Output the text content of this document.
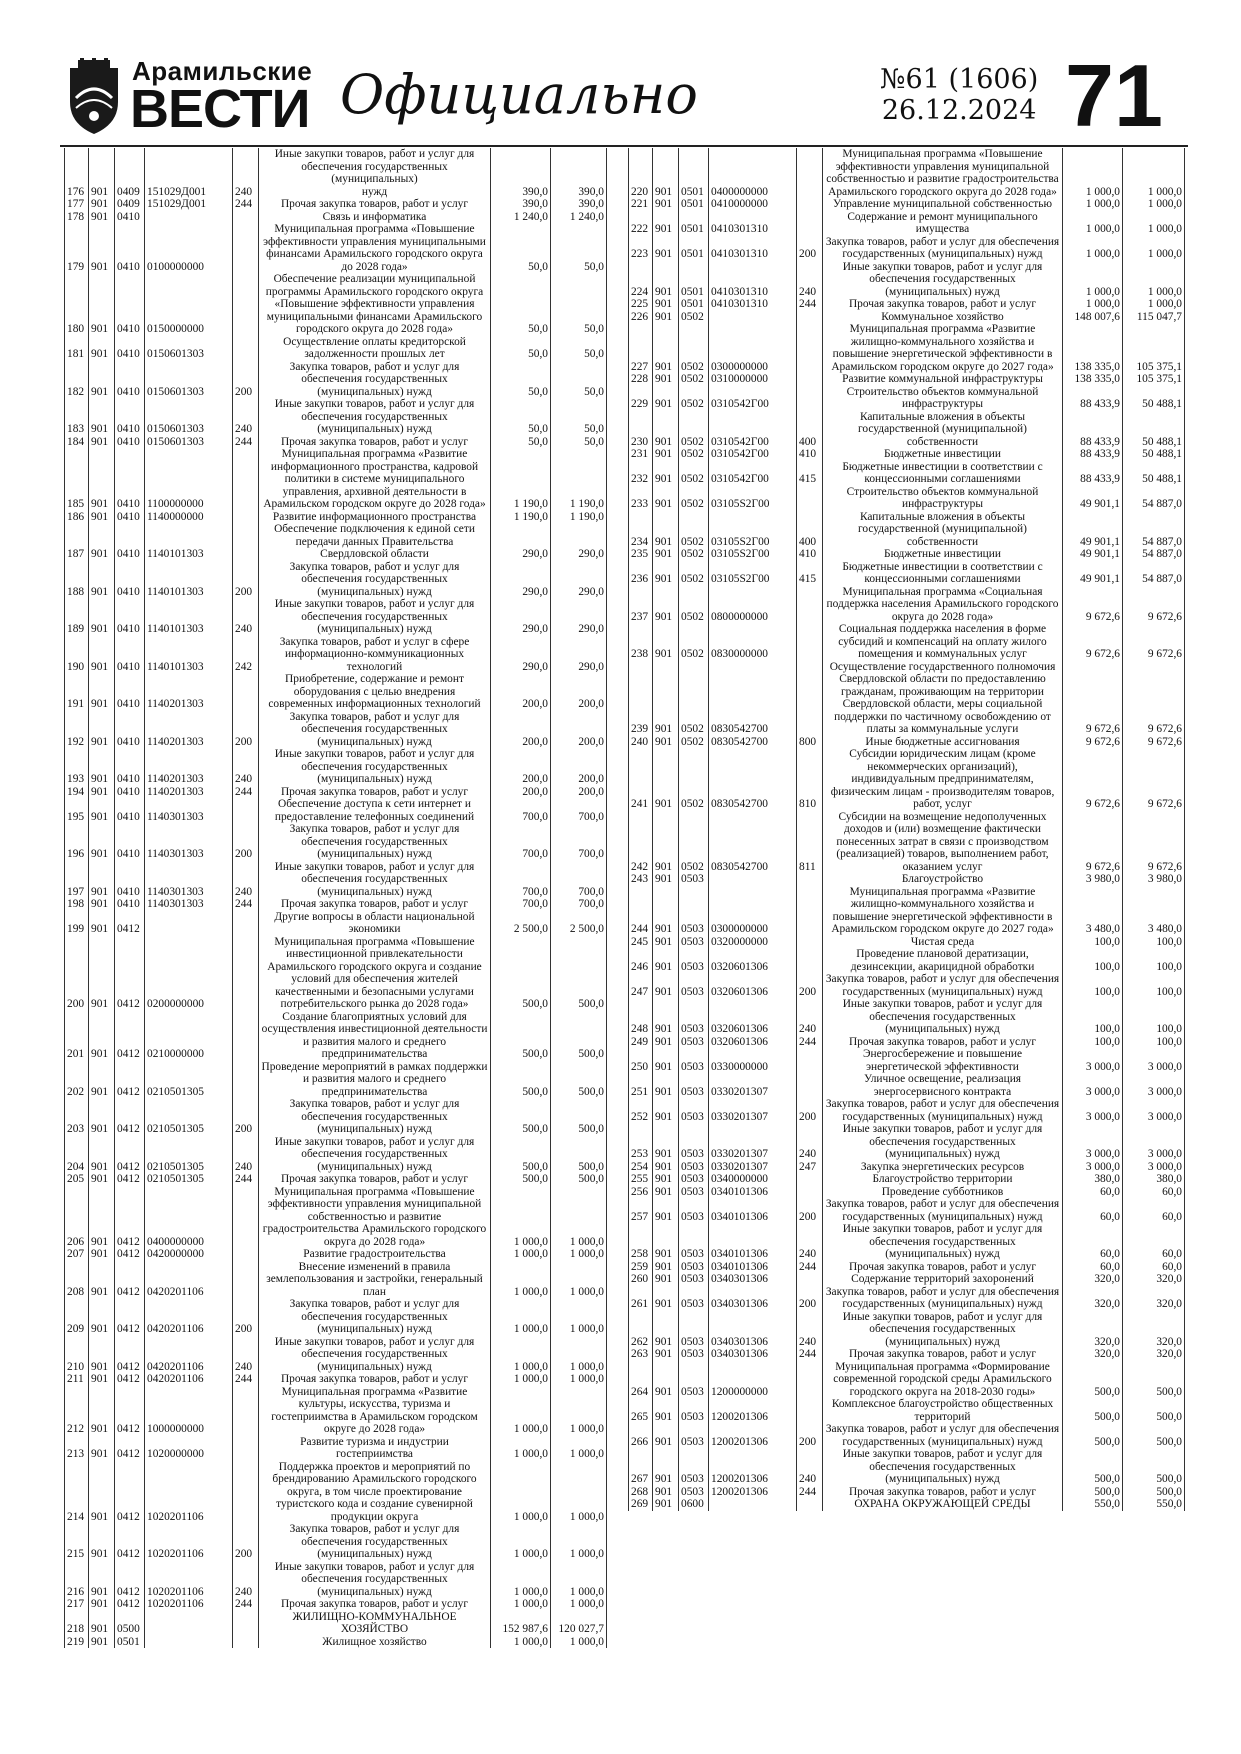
Арамильские
ВЕСТИ Официально	№61 (1606)
26.12.2024 71
					Иные закупки товаров, работ и услуг для обеспечения государственных (муниципальных)		
176	901	0409	151029Д001	240	нужд	390,0	390,0
177	901	0409	151029Д001	244	Прочая закупка товаров, работ и услуг	390,0	390,0
178	901	0410			Связь и информатика	1 240,0	1 240,0
179	901	0410	0100000000		Муниципальная программа «Повышение эффективности управления муниципальными финансами Арамильского городского округа до 2028 года»	50,0	50,0
180	901	0410	0150000000		Обеспечение реализации муниципальной программы Арамильского городского округа «Повышение эффективности управления муниципальными финансами Арамильского городского округа до 2028 года»	50,0	50,0
181	901	0410	0150601303		Осуществление оплаты кредиторской задолженности прошлых лет	50,0	50,0
182	901	0410	0150601303	200	Закупка товаров, работ и услуг для обеспечения государственных (муниципальных) нужд	50,0	50,0
183	901	0410	0150601303	240	Иные закупки товаров, работ и услуг для обеспечения государственных (муниципальных) нужд	50,0	50,0
184	901	0410	0150601303	244	Прочая закупка товаров, работ и услуг	50,0	50,0
185	901	0410	1100000000		Муниципальная программа «Развитие информационного пространства, кадровой политики в системе муниципального управления, архивной деятельности в Арамильском городском округе до 2028 года»	1 190,0	1 190,0
186	901	0410	1140000000		Развитие информационного пространства	1 190,0	1 190,0
187	901	0410	1140101303		Обеспечение подключения к единой сети передачи данных Правительства Свердловской области	290,0	290,0
188	901	0410	1140101303	200	Закупка товаров, работ и услуг для обеспечения государственных (муниципальных) нужд	290,0	290,0
189	901	0410	1140101303	240	Иные закупки товаров, работ и услуг для обеспечения государственных (муниципальных) нужд	290,0	290,0
190	901	0410	1140101303	242	Закупка товаров, работ и услуг в сфере информационно-коммуникационных технологий	290,0	290,0
191	901	0410	1140201303		Приобретение, содержание и ремонт оборудования с целью внедрения современных информационных технологий	200,0	200,0
192	901	0410	1140201303	200	Закупка товаров, работ и услуг для обеспечения государственных (муниципальных) нужд	200,0	200,0
193	901	0410	1140201303	240	Иные закупки товаров, работ и услуг для обеспечения государственных (муниципальных) нужд	200,0	200,0
194	901	0410	1140201303	244	Прочая закупка товаров, работ и услуг	200,0	200,0
195	901	0410	1140301303		Обеспечение доступа к сети интернет и предоставление телефонных соединений	700,0	700,0
196	901	0410	1140301303	200	Закупка товаров, работ и услуг для обеспечения государственных (муниципальных) нужд	700,0	700,0
197	901	0410	1140301303	240	Иные закупки товаров, работ и услуг для обеспечения государственных (муниципальных) нужд	700,0	700,0
198	901	0410	1140301303	244	Прочая закупка товаров, работ и услуг	700,0	700,0
199	901	0412			Другие вопросы в области национальной экономики	2 500,0	2 500,0
200	901	0412	0200000000		Муниципальная программа «Повышение инвестиционной привлекательности Арамильского городского округа и создание условий для обеспечения жителей качественными и безопасными услугами потребительского рынка до 2028 года»	500,0	500,0
201	901	0412	0210000000		Создание благоприятных условий для осуществления инвестиционной деятельности и развития малого и среднего предпринимательства	500,0	500,0
202	901	0412	0210501305		Проведение мероприятий в рамках поддержки и развития малого и среднего предпринимательства	500,0	500,0
203	901	0412	0210501305	200	Закупка товаров, работ и услуг для обеспечения государственных (муниципальных) нужд	500,0	500,0
204	901	0412	0210501305	240	Иные закупки товаров, работ и услуг для обеспечения государственных (муниципальных) нужд	500,0	500,0
205	901	0412	0210501305	244	Прочая закупка товаров, работ и услуг	500,0	500,0
206	901	0412	0400000000		Муниципальная программа «Повышение эффективности управления муниципальной собственностью и развитие градостроительства Арамильского городского округа до 2028 года»	1 000,0	1 000,0
207	901	0412	0420000000		Развитие градостроительства	1 000,0	1 000,0
208	901	0412	0420201106		Внесение изменений в правила землепользования и застройки, генеральный план	1 000,0	1 000,0
209	901	0412	0420201106	200	Закупка товаров, работ и услуг для обеспечения государственных (муниципальных) нужд	1 000,0	1 000,0
210	901	0412	0420201106	240	Иные закупки товаров, работ и услуг для обеспечения государственных (муниципальных) нужд	1 000,0	1 000,0
211	901	0412	0420201106	244	Прочая закупка товаров, работ и услуг	1 000,0	1 000,0
212	901	0412	1000000000		Муниципальная программа «Развитие культуры, искусства, туризма и гостеприимства в Арамильском городском округе до 2028 года»	1 000,0	1 000,0
213	901	0412	1020000000		Развитие туризма и индустрии гостеприимства	1 000,0	1 000,0
214	901	0412	1020201106		Поддержка проектов и мероприятий по брендированию Арамильского городского округа, в том числе проектирование туристского кода и создание сувенирной продукции округа	1 000,0	1 000,0
215	901	0412	1020201106	200	Закупка товаров, работ и услуг для обеспечения государственных (муниципальных) нужд	1 000,0	1 000,0
216	901	0412	1020201106	240	Иные закупки товаров, работ и услуг для обеспечения государственных (муниципальных) нужд	1 000,0	1 000,0
217	901	0412	1020201106	244	Прочая закупка товаров, работ и услуг	1 000,0	1 000,0
218	901	0500			ЖИЛИЩНО-КОММУНАЛЬНОЕ ХОЗЯЙСТВО	152 987,6	120 027,7
219	901	0501			Жилищное хозяйство	1 000,0	1 000,0
220	901	0501	0400000000		Муниципальная программа «Повышение эффективности управления муниципальной собственностью и развитие градостроительства Арамильского городского округа до 2028 года»	1 000,0	1 000,0
221	901	0501	0410000000		Управление муниципальной собственностью	1 000,0	1 000,0
222	901	0501	0410301310		Содержание и ремонт муниципального имущества	1 000,0	1 000,0
223	901	0501	0410301310	200	Закупка товаров, работ и услуг для обеспечения государственных (муниципальных) нужд	1 000,0	1 000,0
224	901	0501	0410301310	240	Иные закупки товаров, работ и услуг для обеспечения государственных (муниципальных) нужд	1 000,0	1 000,0
225	901	0501	0410301310	244	Прочая закупка товаров, работ и услуг	1 000,0	1 000,0
226	901	0502			Коммунальное хозяйство	148 007,6	115 047,7
227	901	0502	0300000000		Муниципальная программа «Развитие жилищно-коммунального хозяйства и повышение энергетической эффективности в Арамильском городском округе до 2027 года»	138 335,0	105 375,1
228	901	0502	0310000000		Развитие коммунальной инфраструктуры	138 335,0	105 375,1
229	901	0502	0310542Г00		Строительство объектов коммунальной инфраструктуры	88 433,9	50 488,1
230	901	0502	0310542Г00	400	Капитальные вложения в объекты государственной (муниципальной) собственности	88 433,9	50 488,1
231	901	0502	0310542Г00	410	Бюджетные инвестиции	88 433,9	50 488,1
232	901	0502	0310542Г00	415	Бюджетные инвестиции в соответствии с концессионными соглашениями	88 433,9	50 488,1
233	901	0502	03105S2Г00		Строительство объектов коммунальной инфраструктуры	49 901,1	54 887,0
234	901	0502	03105S2Г00	400	Капитальные вложения в объекты государственной (муниципальной) собственности	49 901,1	54 887,0
235	901	0502	03105S2Г00	410	Бюджетные инвестиции	49 901,1	54 887,0
236	901	0502	03105S2Г00	415	Бюджетные инвестиции в соответствии с концессионными соглашениями	49 901,1	54 887,0
237	901	0502	0800000000		Муниципальная программа «Социальная поддержка населения Арамильского городского округа до 2028 года»	9 672,6	9 672,6
238	901	0502	0830000000		Социальная поддержка населения в форме субсидий и компенсаций на оплату жилого помещения и коммунальных услуг	9 672,6	9 672,6
239	901	0502	0830542700		Осуществление государственного полномочия Свердловской области по предоставлению гражданам, проживающим на территории Свердловской области, меры социальной поддержки по частичному освобождению от платы за коммунальные услуги	9 672,6	9 672,6
240	901	0502	0830542700	800	Иные бюджетные ассигнования	9 672,6	9 672,6
241	901	0502	0830542700	810	Субсидии юридическим лицам (кроме некоммерческих организаций), индивидуальным предпринимателям, физическим лицам - производителям товаров, работ, услуг	9 672,6	9 672,6
242	901	0502	0830542700	811	Субсидии на возмещение недополученных доходов и (или) возмещение фактически понесенных затрат в связи с производством (реализацией) товаров, выполнением работ, оказанием услуг	9 672,6	9 672,6
243	901	0503			Благоустройство	3 980,0	3 980,0
244	901	0503	0300000000		Муниципальная программа «Развитие жилищно-коммунального хозяйства и повышение энергетической эффективности в Арамильском городском округе до 2027 года»	3 480,0	3 480,0
245	901	0503	0320000000		Чистая среда	100,0	100,0
246	901	0503	0320601306		Проведение плановой дератизации, дезинсекции, акарицидной обработки	100,0	100,0
247	901	0503	0320601306	200	Закупка товаров, работ и услуг для обеспечения государственных (муниципальных) нужд	100,0	100,0
248	901	0503	0320601306	240	Иные закупки товаров, работ и услуг для обеспечения государственных (муниципальных) нужд	100,0	100,0
249	901	0503	0320601306	244	Прочая закупка товаров, работ и услуг	100,0	100,0
250	901	0503	0330000000		Энергосбережение и повышение энергетической эффективности	3 000,0	3 000,0
251	901	0503	0330201307		Уличное освещение, реализация энергосервисного контракта	3 000,0	3 000,0
252	901	0503	0330201307	200	Закупка товаров, работ и услуг для обеспечения государственных (муниципальных) нужд	3 000,0	3 000,0
253	901	0503	0330201307	240	Иные закупки товаров, работ и услуг для обеспечения государственных (муниципальных) нужд	3 000,0	3 000,0
254	901	0503	0330201307	247	Закупка энергетических ресурсов	3 000,0	3 000,0
255	901	0503	0340000000		Благоустройство территории	380,0	380,0
256	901	0503	0340101306		Проведение субботников	60,0	60,0
257	901	0503	0340101306	200	Закупка товаров, работ и услуг для обеспечения государственных (муниципальных) нужд	60,0	60,0
258	901	0503	0340101306	240	Иные закупки товаров, работ и услуг для обеспечения государственных (муниципальных) нужд	60,0	60,0
259	901	0503	0340101306	244	Прочая закупка товаров, работ и услуг	60,0	60,0
260	901	0503	0340301306		Содержание территорий захоронений	320,0	320,0
261	901	0503	0340301306	200	Закупка товаров, работ и услуг для обеспечения государственных (муниципальных) нужд	320,0	320,0
262	901	0503	0340301306	240	Иные закупки товаров, работ и услуг для обеспечения государственных (муниципальных) нужд	320,0	320,0
263	901	0503	0340301306	244	Прочая закупка товаров, работ и услуг	320,0	320,0
264	901	0503	1200000000		Муниципальная программа «Формирование современной городской среды Арамильского городского округа на 2018-2030 годы»	500,0	500,0
265	901	0503	1200201306		Комплексное благоустройство общественных территорий	500,0	500,0
266	901	0503	1200201306	200	Закупка товаров, работ и услуг для обеспечения государственных (муниципальных) нужд	500,0	500,0
267	901	0503	1200201306	240	Иные закупки товаров, работ и услуг для обеспечения государственных (муниципальных) нужд	500,0	500,0
268	901	0503	1200201306	244	Прочая закупка товаров, работ и услуг	500,0	500,0
269	901	0600			ОХРАНА ОКРУЖАЮЩЕЙ СРЕДЫ	550,0	550,0
